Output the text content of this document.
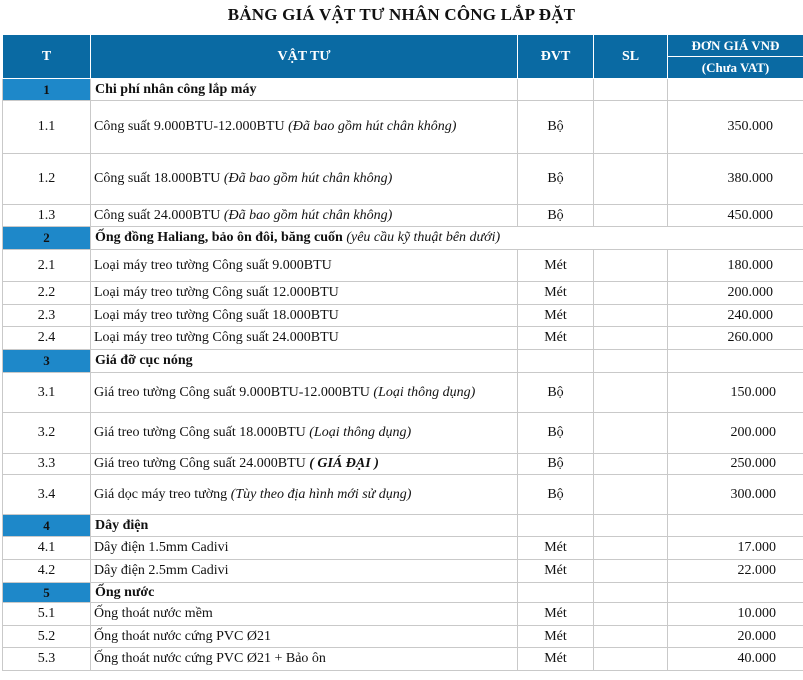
BẢNG GIÁ VẬT TƯ NHÂN CÔNG LẮP ĐẶT
T	VẬT TƯ	ĐVT	SL	ĐƠN GIÁ VNĐ
				(Chưa VAT)
1	Chi phí nhân công lắp máy			
1.1	Công suất 9.000BTU-12.000BTU (Đã bao gồm hút chân không)	Bộ		350.000
1.2	Công suất 18.000BTU (Đã bao gồm hút chân không)	Bộ		380.000
1.3	Công suất 24.000BTU (Đã bao gồm hút chân không)	Bộ		450.000
2	Ống đồng Haliang, bảo ôn đôi, băng cuốn (yêu cầu kỹ thuật bên dưới)			
2.1	Loại máy treo tường Công suất 9.000BTU	Mét		180.000
2.2	Loại máy treo tường Công suất 12.000BTU	Mét		200.000
2.3	Loại máy treo tường Công suất 18.000BTU	Mét		240.000
2.4	Loại máy treo tường Công suất 24.000BTU	Mét		260.000
3	Giá đỡ cục nóng			
3.1	Giá treo tường Công suất 9.000BTU-12.000BTU (Loại thông dụng)	Bộ		150.000
3.2	Giá treo tường Công suất 18.000BTU (Loại thông dụng)	Bộ		200.000
3.3	Giá treo tường Công suất 24.000BTU ( GIÁ ĐẠI )	Bộ		250.000
3.4	Giá dọc máy treo tường (Tùy theo địa hình mới sử dụng)	Bộ		300.000
4	Dây điện			
4.1	Dây điện 1.5mm Cadivi	Mét		17.000
4.2	Dây điện 2.5mm Cadivi	Mét		22.000
5	Ống nước			
5.1	Ống thoát nước mềm	Mét		10.000
5.2	Ống thoát nước cứng PVC Ø21	Mét		20.000
5.3	Ống thoát nước cứng PVC Ø21 + Bảo ôn	Mét		40.000
